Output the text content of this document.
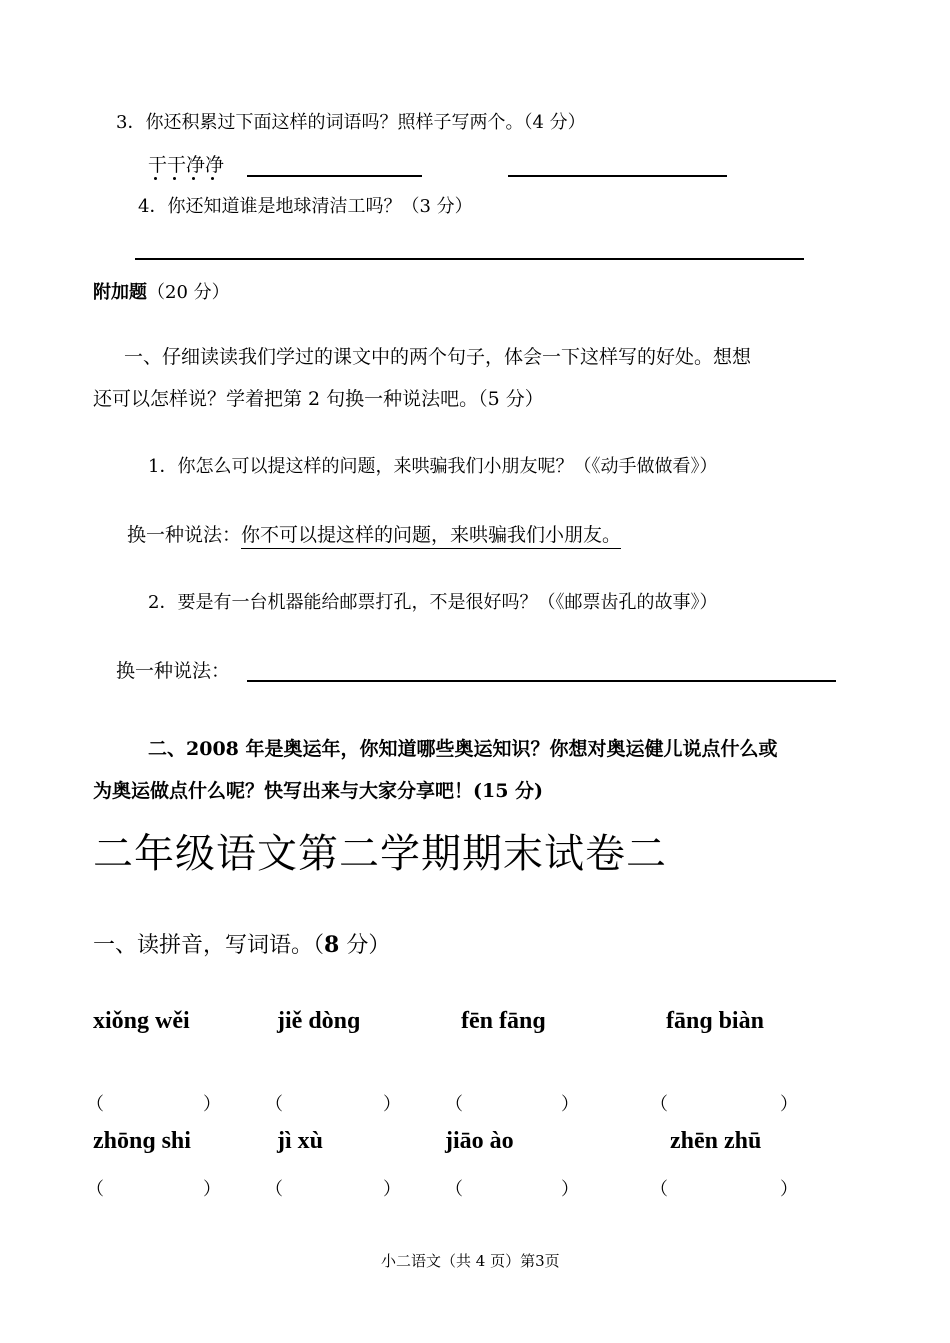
3．你还积累过下面这样的词语吗？照样子写两个。（4 分）
干干净净
4．你还知道谁是地球清洁工吗？（3 分）
附加题（20 分）
一、仔细读读我们学过的课文中的两个句子，体会一下这样写的好处。想想
还可以怎样说？学着把第 2 句换一种说法吧。（5 分）
1．你怎么可以提这样的问题，来哄骗我们小朋友呢？（《动手做做看》）
换一种说法：你不可以提这样的问题，来哄骗我们小朋友。
2．要是有一台机器能给邮票打孔，不是很好吗？（《邮票齿孔的故事》）
换一种说法：
二、2008 年是奥运年，你知道哪些奥运知识？你想对奥运健儿说点什么或
为奥运做点什么呢？快写出来与大家分享吧！(15 分)
二年级语文第二学期期末试卷二
一、读拼音，写词语。（8 分）
xiǒng wěi	jiě dònɡ	fēn fānɡ	fānɡ biàn
（	） （	） （	）	（	）
zhōnɡ shi	jì xù	jiāo ào	zhēn zhū
（	） （	） （	）	（	）
小二语文（共 4 页）第3页
